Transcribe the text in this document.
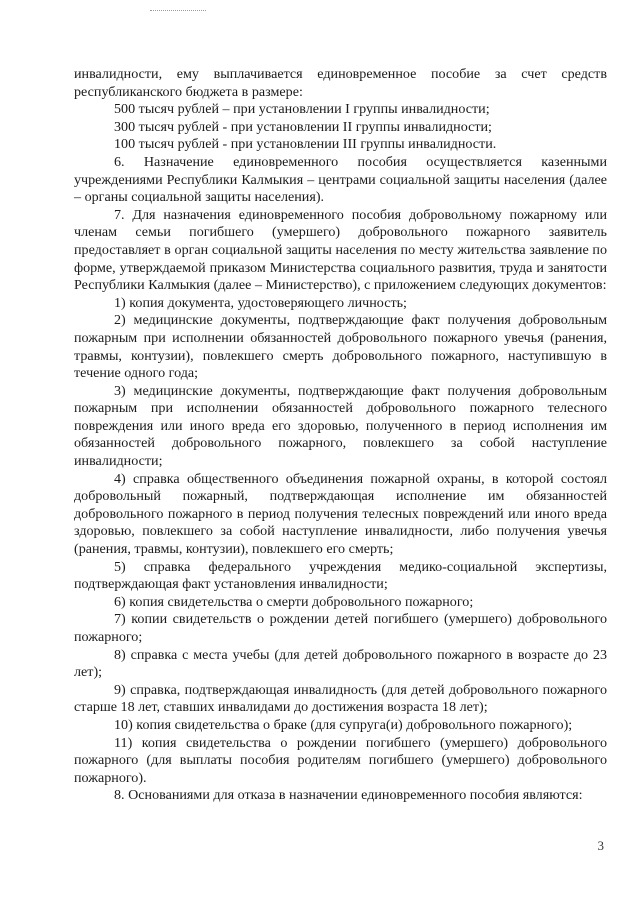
инвалидности, ему выплачивается единовременное пособие за счет средств республиканского бюджета в размере:

500 тысяч рублей – при установлении I группы инвалидности;

300 тысяч рублей - при установлении II группы инвалидности;

100 тысяч рублей - при установлении III группы инвалидности.

6. Назначение единовременного пособия осуществляется казенными учреждениями Республики Калмыкия – центрами социальной защиты населения (далее – органы социальной защиты населения).

7. Для назначения единовременного пособия добровольному пожарному или членам семьи погибшего (умершего) добровольного пожарного заявитель предоставляет в орган социальной защиты населения по месту жительства заявление по форме, утверждаемой приказом Министерства социального развития, труда и занятости Республики Калмыкия (далее – Министерство), с приложением следующих документов:

1) копия документа, удостоверяющего личность;

2) медицинские документы, подтверждающие факт получения добровольным пожарным при исполнении обязанностей добровольного пожарного увечья (ранения, травмы, контузии), повлекшего смерть добровольного пожарного, наступившую в течение одного года;

3) медицинские документы, подтверждающие факт получения добровольным пожарным при исполнении обязанностей добровольного пожарного телесного повреждения или иного вреда его здоровью, полученного в период исполнения им обязанностей добровольного пожарного, повлекшего за собой наступление инвалидности;

4) справка общественного объединения пожарной охраны, в которой состоял добровольный пожарный, подтверждающая исполнение им обязанностей добровольного пожарного в период получения телесных повреждений или иного вреда здоровью, повлекшего за собой наступление инвалидности, либо получения увечья (ранения, травмы, контузии), повлекшего его смерть;

5) справка федерального учреждения медико-социальной экспертизы, подтверждающая факт установления инвалидности;

6) копия свидетельства о смерти добровольного пожарного;

7) копии свидетельств о рождении детей погибшего (умершего) добровольного пожарного;

8) справка с места учебы (для детей добровольного пожарного в возрасте до 23 лет);

9) справка, подтверждающая инвалидность (для детей добровольного пожарного старше 18 лет, ставших инвалидами до достижения возраста 18 лет);

10) копия свидетельства о браке (для супруга(и) добровольного пожарного);

11) копия свидетельства о рождении погибшего (умершего) добровольного пожарного (для выплаты пособия родителям погибшего (умершего) добровольного пожарного).

8. Основаниями для отказа в назначении единовременного пособия являются:

3
